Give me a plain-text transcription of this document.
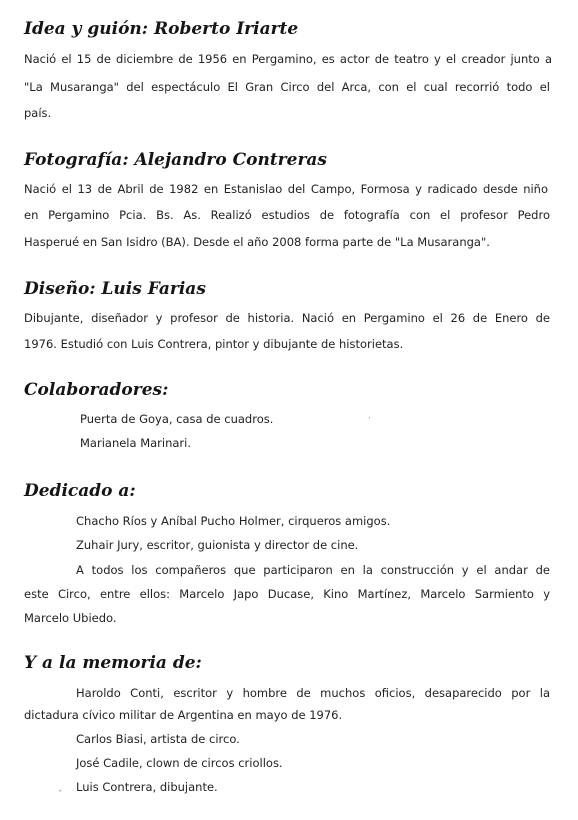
Idea y guión: Roberto Iriarte

Nació el 15 de diciembre de 1956 en Pergamino, es actor de teatro y el creador junto a

"La Musaranga" del espectáculo El Gran Circo del Arca, con el cual recorrió todo el

país.

Fotografía: Alejandro Contreras

Nació el 13 de Abril de 1982 en Estanislao del Campo, Formosa y radicado desde niño

en Pergamino Pcia. Bs. As. Realizó estudios de fotografía con el profesor Pedro

Hasperué en San Isidro (BA). Desde el año 2008 forma parte de "La Musaranga".

Diseño: Luis Farias

Dibujante, diseñador y profesor de historia. Nació en Pergamino el 26 de Enero de

1976. Estudió con Luis Contrera, pintor y dibujante de historietas.

Colaboradores:
·

Puerta de Goya, casa de cuadros.

Marianela Marinari.

Dedicado a:

Chacho Ríos y Aníbal Pucho Holmer, cirqueros amigos.

Zuhair Jury, escritor, guionista y director de cine.

A todos los compañeros que participaron en la construcción y el andar de

este Circo, entre ellos: Marcelo Japo Ducase, Kino Martínez, Marcelo Sarmiento y

Marcelo Ubiedo.

Y a la memoria de:

Haroldo Conti, escritor y hombre de muchos oficios, desaparecido por la

dictadura cívico militar de Argentina en mayo de 1976.

Carlos Biasi, artista de circo.

José Cadile, clown de circos criollos.

Luis Contrera, dibujante.

ˇ
